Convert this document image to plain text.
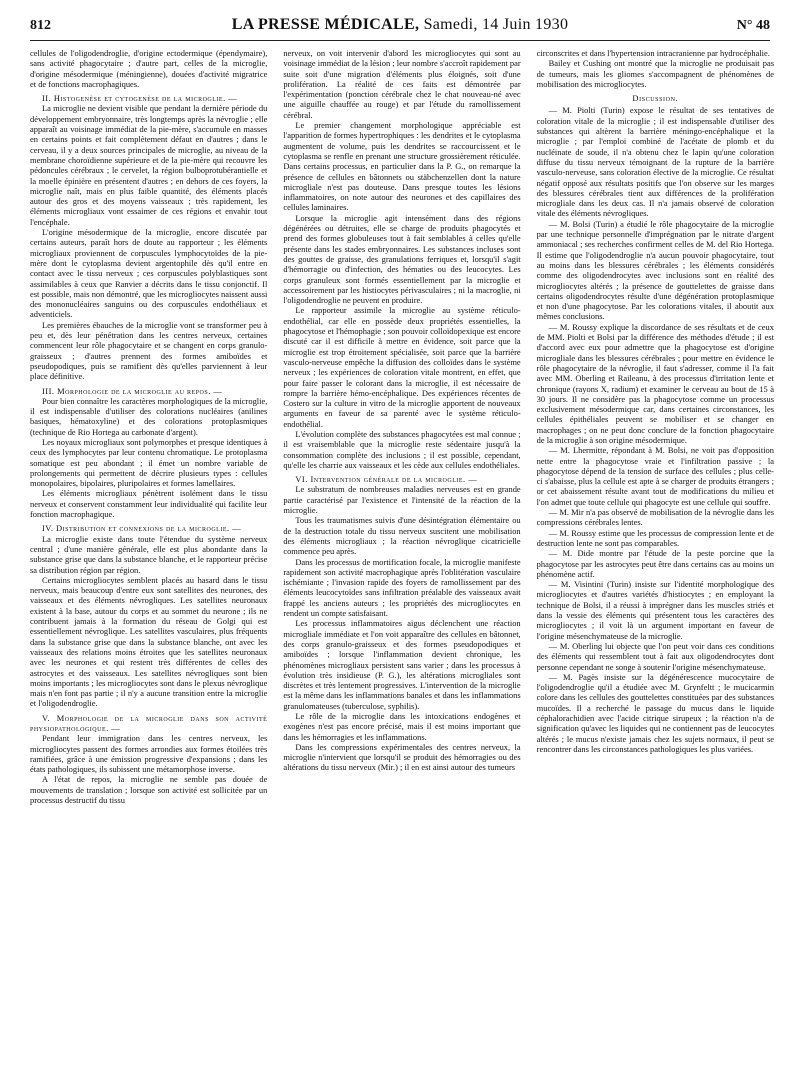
812	LA PRESSE MÉDICALE, Samedi, 14 Juin 1930	N° 48

cellules de l'oligodendroglie, d'origine ectodermique (épendymaire), sans activité phagocytaire ; d'autre part, celles de la microglie, d'origine mésodermique (méningienne), douées d'activité migratrice et de fonctions macrophagiques.

II. Histogenèse et cytogenèse de la microglie. —

La microglie ne devient visible que pendant la dernière période du développement embryonnaire, très longtemps après la névroglie ; elle apparaît au voisinage immédiat de la pie-mère, s'accumule en masses en certains points et fait complètement défaut en d'autres ; dans le cerveau, il y a deux sources principales de microglie, au niveau de la membrane choroïdienne supérieure et de la pie-mère qui recouvre les pédoncules cérébraux ; le cervelet, la région bulboprotubérantielle et la moelle épinière en présentent d'autres ; en dehors de ces foyers, la microglie naît, mais en plus faible quantité, des éléments placés autour des gros et des moyens vaisseaux ; très rapidement, les éléments microgliaux vont essaimer de ces régions et envahir tout l'encéphale.

L'origine mésodermique de la microglie, encore discutée par certains auteurs, paraît hors de doute au rapporteur ; les éléments microgliaux proviennent de corpuscules lymphocytoïdes de la pie-mère dont le cytoplasma devient argentophile dès qu'il entre en contact avec le tissu nerveux ; ces corpuscules polyblastiques sont assimilables à ceux que Ranvier a décrits dans le tissu conjonctif. Il est possible, mais non démontré, que les microgliocytes naissent aussi des mononucléaires sanguins ou des corpuscules endothéliaux et adventiciels.

Les premières ébauches de la microglie vont se transformer peu à peu et, dès leur pénétration dans les centres nerveux, certaines commencent leur rôle phagocytaire et se changent en corps granulo-graisseux ; d'autres prennent des formes amiboïdes et pseudopodiques, puis se ramifient dès qu'elles parviennent à leur place définitive.

III. Morphologie de la microglie au repos. —

Pour bien connaître les caractères morphologiques de la microglie, il est indispensable d'utiliser des colorations nucléaires (anilines basiques, hématoxyline) et des colorations protoplasmiques (technique de Rio Hortega au carbonate d'argent).

Les noyaux microgliaux sont polymorphes et presque identiques à ceux des lymphocytes par leur contenu chromatique. Le protoplasma somatique est peu abondant ; il émet un nombre variable de prolongements qui permettent de décrire plusieurs types : cellules monopolaires, bipolaires, pluripolaires et formes lamellaires.

Les éléments microgliaux pénètrent isolément dans le tissu nerveux et conservent constamment leur individualité qui facilite leur fonction macrophagique.

IV. Distribution et connexions de la microglie. —

La microglie existe dans toute l'étendue du système nerveux central ; d'une manière générale, elle est plus abondante dans la substance grise que dans la substance blanche, et le rapporteur précise sa distribution région par région.

Certains microgliocytes semblent placés au hasard dans le tissu nerveux, mais beaucoup d'entre eux sont satellites des neurones, des vaisseaux et des éléments névrogliques. Les satellites neuronaux existent à la base, autour du corps et au sommet du neurone ; ils ne contribuent jamais à la formation du réseau de Golgi qui est essentiellement névroglique. Les satellites vasculaires, plus fréquents dans la substance grise que dans la substance blanche, ont avec les vaisseaux des relations moins étroites que les satellites neuronaux avec les neurones et qui restent très différentes de celles des astrocytes et des vaisseaux. Les satellites névrogliques sont bien moins importants ; les microgliocytes sont dans le plexus névroglique mais n'en font pas partie ; il n'y a aucune transition entre la microglie et l'oligodendroglie.

V. Morphologie de la microglie dans son activité physiopathologique. —

Pendant leur immigration dans les centres nerveux, les microgliocytes passent des formes arrondies aux formes étoilées très ramifiées, grâce à une émission progressive d'expansions ; dans les états pathologiques, ils subissent une métamorphose inverse.

A l'état de repos, la microglie ne semble pas douée de mouvements de translation ; lorsque son activité est sollicitée par un processus destructif du tissu

nerveux, on voit intervenir d'abord les microgliocytes qui sont au voisinage immédiat de la lésion ; leur nombre s'accroît rapidement par suite soit d'une migration d'éléments plus éloignés, soit d'une prolifération. La réalité de ces faits est démontrée par l'expérimentation (ponction cérébrale chez le chat nouveau-né avec une aiguille chauffée au rouge) et par l'étude du ramollissement cérébral.

Le premier changement morphologique appréciable est l'apparition de formes hypertrophiques : les dendrites et le cytoplasma augmentent de volume, puis les dendrites se raccourcissent et le cytoplasma se renfle en prenant une structure grossièrement réticulée. Dans certains processus, en particulier dans la P. G., on remarque la présence de cellules en bâtonnets ou stäbchenzellen dont la nature microgliale n'est pas douteuse. Dans presque toutes les lésions inflammatoires, on note autour des neurones et des capillaires des cellules laminaires.

Lorsque la microglie agit intensément dans des régions dégénérées ou détruites, elle se charge de produits phagocytés et prend des formes globuleuses tout à fait semblables à celles qu'elle présente dans les stades embryonnaires. Les substances incluses sont des gouttes de graisse, des granulations ferriques et, lorsqu'il s'agit d'hémorragie ou d'infection, des hématies ou des leucocytes. Les corps granuleux sont formés essentiellement par la microglie et accessoirement par les histiocytes périvasculaires ; ni la macroglie, ni l'oligodendroglie ne peuvent en produire.

Le rapporteur assimile la microglie au système réticulo-endothélial, car elle en possède deux propriétés essentielles, la phagocytose et l'hémophagie ; son pouvoir colloïdopexique est encore discuté car il est difficile à mettre en évidence, soit parce que la microglie est trop étroitement spécialisée, soit parce que la barrière vasculo-nerveuse empêche la diffusion des colloïdes dans le système nerveux ; les expériences de coloration vitale montrent, en effet, que pour faire passer le colorant dans la microglie, il est nécessaire de rompre la barrière hémo-encéphalique. Des expériences récentes de Costero sur la culture in vitro de la microglie apportent de nouveaux arguments en faveur de sa parenté avec le système réticulo-endothélial.

L'évolution complète des substances phagocytées est mal connue ; il est vraisemblable que la microglie reste sédentaire jusqu'à la consommation complète des inclusions ; il est possible, cependant, qu'elle les charrie aux vaisseaux et les cède aux cellules endothéliales.

VI. Intervention générale de la microglie. —

Le substratum de nombreuses maladies nerveuses est en grande partie caractérisé par l'existence et l'intensité de la réaction de la microglie.

Tous les traumatismes suivis d'une désintégration élémentaire ou de la destruction totale du tissu nerveux suscitent une mobilisation des éléments microgliaux ; la réaction névroglique cicatricielle commence peu après.

Dans les processus de mortification focale, la microglie manifeste rapidement son activité macrophagique après l'oblitération vasculaire ischémiante ; l'invasion rapide des foyers de ramollissement par des éléments leucocytoïdes sans infiltration préalable des vaisseaux avait frappé les anciens auteurs ; les propriétés des microgliocytes en rendent un compte satisfaisant.

Les processus inflammatoires aigus déclenchent une réaction microgliale immédiate et l'on voit apparaître des cellules en bâtonnet, des corps granulo-graisseux et des formes pseudopodiques et amiboïdes ; lorsque l'inflammation devient chronique, les phénomènes microgliaux persistent sans varier ; dans les processus à évolution très insidieuse (P. G.), les altérations microgliales sont discrètes et très lentement progressives. L'intervention de la microglie est la même dans les inflammations banales et dans les inflammations granulomateuses (tuberculose, syphilis).

Le rôle de la microglie dans les intoxications endogènes et exogènes n'est pas encore précisé, mais il est moins important que dans les hémorragies et les inflammations.

Dans les compressions expérimentales des centres nerveux, la microglie n'intervient que lorsqu'il se produit des hémorragies ou des altérations du tissu nerveux (Mir.) ; il en est ainsi autour des tumeurs

circonscrites et dans l'hypertension intracranienne par hydrocéphalie.

Bailey et Cushing ont montré que la microglie ne produisait pas de tumeurs, mais les gliomes s'accompagnent de phénomènes de mobilisation des microgliocytes.

Discussion.

— M. Piolti (Turin) expose le résultat de ses tentatives de coloration vitale de la microglie ; il est indispensable d'utiliser des substances qui altèrent la barrière méningo-encéphalique et la microglie ; par l'emploi combiné de l'acétate de plomb et du nucléinate de soude, il n'a obtenu chez le lapin qu'une coloration diffuse du tissu nerveux témoignant de la rupture de la barrière vasculo-nerveuse, sans coloration élective de la microglie. Ce résultat négatif opposé aux résultats positifs que l'on observe sur les marges des blessures cérébrales tient aux différences de la prolifération microgliale dans les deux cas. Il n'a jamais observé de coloration vitale des éléments névrogliques.

— M. Bolsi (Turin) a étudié le rôle phagocytaire de la microglie par une technique personnelle d'imprégnation par le nitrate d'argent ammoniacal ; ses recherches confirment celles de M. del Rio Hortega. Il estime que l'oligodendroglie n'a aucun pouvoir phagocytaire, tout au moins dans les blessures cérébrales ; les éléments considérés comme des oligodendrocytes avec inclusions sont en réalité des microgliocytes altérés ; la présence de gouttelettes de graisse dans certains oligodendrocytes résulte d'une dégénération protoplasmique et non d'une phagocytose. Par les colorations vitales, il aboutit aux mêmes conclusions.

— M. Roussy explique la discordance de ses résultats et de ceux de MM. Piolti et Bolsi par la différence des méthodes d'étude ; il est d'accord avec eux pour admettre que la phagocytose est d'origine microgliale dans les blessures cérébrales ; pour mettre en évidence le rôle phagocytaire de la névroglie, il faut s'adresser, comme il l'a fait avec MM. Oberling et Raileanu, à des processus d'irritation lente et chronique (rayons X, radium) et examiner le cerveau au bout de 15 à 30 jours. Il ne considère pas la phagocytose comme un processus exclusivement mésodermique car, dans certaines circonstances, les cellules épithéliales peuvent se mobiliser et se changer en macrophages ; on ne peut donc conclure de la fonction phagocytaire de la microglie à son origine mésodermique.

— M. Lhermitte, répondant à M. Bolsi, ne voit pas d'opposition nette entre la phagocytose vraie et l'infiltration passive ; la phagocytose dépend de la tension de surface des cellules ; plus celle-ci s'abaisse, plus la cellule est apte à se charger de produits étrangers ; or cet abaissement résulte avant tout de modifications du milieu et l'on admet que toute cellule qui phagocyte est une cellule qui souffre.

— M. Mir n'a pas observé de mobilisation de la névroglie dans les compressions cérébrales lentes.

— M. Roussy estime que les processus de compression lente et de destruction lente ne sont pas comparables.

— M. Dide montre par l'étude de la peste porcine que la phagocytose par les astrocytes peut être dans certains cas au moins un phénomène actif.

— M. Visintini (Turin) insiste sur l'identité morphologique des microgliocytes et d'autres variétés d'histiocytes ; en employant la technique de Bolsi, il a réussi à imprégner dans les muscles striés et dans la vessie des éléments qui présentent tous les caractères des microgliocytes ; il voit là un argument important en faveur de l'origine mésenchymateuse de la microglie.

— M. Oberling lui objecte que l'on peut voir dans ces conditions des éléments qui ressemblent tout à fait aux oligodendrocytes dont personne cependant ne songe à soutenir l'origine mésenchymateuse.

— M. Pagès insiste sur la dégénérescence mucocytaire de l'oligodendroglie qu'il a étudiée avec M. Grynfeltt ; le mucicarmin colore dans les cellules des gouttelettes constituées par des substances mucoïdes. Il a recherché le passage du mucus dans le liquide céphalorachidien avec l'acide citrique sirupeux ; la réaction n'a de signification qu'avec les liquides qui ne contiennent pas de leucocytes altérés ; le mucus n'existe jamais chez les sujets normaux, il peut se rencontrer dans les circonstances pathologiques les plus variées.
